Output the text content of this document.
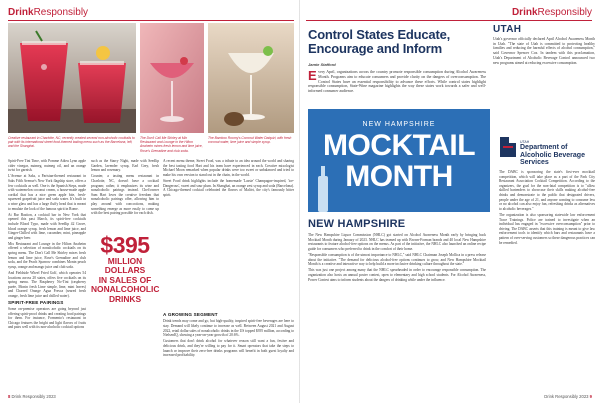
DrinkResponsibly
Creative restaurant in Charlotte, NC, recently created several non-alcoholic cocktails to pair with its international street food-themed tasting menu such as the Barcelona, left, and the Shanghai.
The Don't Call Me Shirley at Mix Restaurant and Lounge in the Hilton Anaheim mixes fresh lemon and lime juice, Rose's Grenadine and club soda.
The Bamboo Roomy's Coconut Water Daiquiri, with fresh coconut water, lime juice and simple syrup.

Spirit-Free Tini Time, with Pomme Adieu Lynn apple cider vinegar, nutmeg, nutmeg oil, and an orange twist for garnish.

L'Avenue at Saks, a Parisian-themed restaurant in Saks Fifth Avenue's New York flagship store, offers a few cocktails as well. One is the Spanish Steps, made with watermelon coconut cream, a house-made apple cordial that has a nice green apple bite, fresh-squeezed grapefruit juice and soda water. It's built in a wine glass and has a large fluffy head that is meant to emulate the look of the famous spirit in Rome.

At Bar Bastion, a cocktail bar in New York that opened this past March, its spirit-free cocktails include Blood Typo, made with Seedlip 42 Grove, blood orange syrup, fresh lemon and lime juice, and Ginger-Chilled with lime, cucumber, mint, pineapple and ginger beer.

Mix Restaurant and Lounge in the Hilton Anaheim offered a selection of nonalcoholic cocktails on its spring menu. The Don't Call Me Shirley mixes fresh lemon and lime juice, Rose's Grenadine and club soda, and the Peach Sparrow combines Monin peach syrup, orange and mango juice and club soda.

And Fieldside Wheel Fried Golf, which operates 54 locations across 20 states, offers five cocktails on its spring menu. The Raspberry No-Tini (raspberry purée, Monin fresh Lime simple, lime, mint leaves) and Charred Orange Agua Fresca (seared fresh orange, fresh lime juice and chilled water).

SPIRIT-FREE PAIRINGS

Some on-premise operators are going beyond just offering spirit-proof drinks and creating food pairings for them. For instance, Formento's restaurant in Chicago features the bright and light flavors of fruits and pairs well with its non-alcoholic cocktail options

such as the Starry Night, made with Seedlip Garden, lavender syrup, Earl Grey, fresh lemon and rosemary.

Counter, a tasting menu restaurant in Charlotte, NC, doesn't have a cocktail program; rather, it emphasizes its wine and nonalcoholic pairings instead. Chef/owner Sam Hart loves the creative freedom that nonalcoholic pairings offer, allowing him to play around with concoctions, making something emerge as more easily to come up with the best pairing possible for each dish.

$395
MILLION DOLLARS
IN SALES OF
NONALCOHOLIC
DRINKS

A recent menu theme, Street Food, was a tribute to an idea around the world and sharing the best tasting food Hart and his team have experienced in each. Creative mixologist Michael Moon remarked when popular drinks were too sweet or unbalanced and tried to make his own version to stand out in the chain, in the world.

Street Food drink highlights include the homemade 'Lassie' Champagne-inspired, 'ice-Dangerous', sweet and sour plum. In Shanghai, an orange zest syrup and soda (Barcelona). A Chicago-themed cocktail celebrated the flavors of Malört, the city's famously bitter spirit.

A GROWING SEGMENT

Drink trends may come and go, but high-quality, inspired spirit-free beverages are here to stay. Demand will likely continue to increase as well. Between August 2021 and August 2022, retail dollar sales of nonalcoholic drinks in the US topped $395 million, according to NielsenIQ, showing a year-on-year growth of 20.6%.

Customers that don't drink alcohol for whatever reason still want a fun, festive and delicious drink, and they're willing to pay for it. Smart operators that take the steps to launch or improve their zero-free drinks programs will benefit in both guest loyalty and increased profitability.

8 Drink Responsibly 2023
DrinkResponsibly
Control States Educate, Encourage and Inform
Jamie Stafford
Every April, organizations across the country promote responsible consumption during Alcohol Awareness Month. Programs aim to educate consumers and provide clarity on the dangers of overconsumption. The Control States have an essential responsibility to advance these efforts. While control states highlight responsible consumption, State-Wine magazine highlights the way these states work towards a safer and well-informed consumer audience.
NEW HAMPSHIRE
MOCKTAIL
MONTH
NEW HAMPSHIRE

The New Hampshire Liquor Commission (NHLC) got started on Alcohol Awareness Month early by bringing back Mocktail Month during January of 2023. NHLC has teamed up with Brown-Forman brands and 40 local New Hampshire restaurants to feature alcohol-free options on the menus. As part of the initiative, the NHLC also launched an online recipe guide for consumers who preferred to drink in the comfort of their home.

"Responsible consumption is of the utmost importance to NHLC," said NHLC Chairman Joseph Mollica in a press release about the initiative. "The demand for delicious alcohol-free options continues to grow, and New Hampshire Mocktail Month is a creative and interactive way to help build a more inclusive drinking culture throughout the state."

This was just one project among many that the NHLC spearheaded in order to encourage responsible consumption. The organization also hosts an annual poster contest, open to elementary and high school students. For Alcohol Awareness, Power Contest aims to inform students about the dangers of drinking while under the influence.

UTAH
Utah's governor officially declared April Alcohol Awareness Month in Utah. "The state of Utah is committed to protecting healthy families and reducing the harmful effects of alcohol consumption," said Governor Spencer Cox. In tandem with this proclamation, Utah's Department of Alcoholic Beverage Control announced two new programs aimed at reducing excessive consumption.
UTAH
Department of
Alcoholic Beverage Services

The DABC is sponsoring the state's first-ever mocktail competition, which will take place as a part of the Park City Restaurant Association Cocktail Competition. According to the organizers, the goal for the non-fatal competition is to "allow skilled bartenders to showcase their skills making alcohol-free drinks and demonstrate to the public that designated drivers, people under the age of 21, and anyone wanting to consume less or no alcohol can also enjoy fun, refreshing drinks as alternatives to alcoholic beverages."

The organization is also sponsoring statewide law enforcement Trace Trainings. Police are trained to investigate when an individual has engaged in "excessive overconsumption" prior to driving. The DABC asserts that this training is meant to give law enforcement tools to identify which bars and restaurants have a pattern of over-serving customers so these dangerous practices can be remedied.

Drink Responsibly 2023 9
